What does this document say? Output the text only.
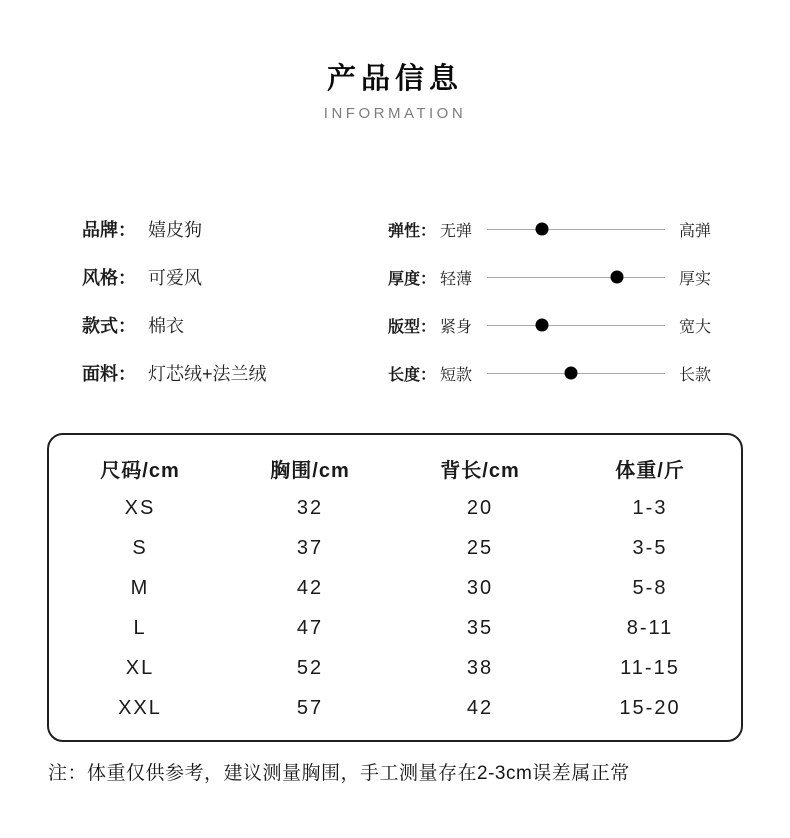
产品信息
INFORMATION
品牌： 嬉皮狗
风格： 可爱风
款式： 棉衣
面料： 灯芯绒+法兰绒
弹性： 无弹	高弹
厚度： 轻薄	厚实
版型： 紧身	宽大
长度： 短款	长款
尺码/cm	胸围/cm	背长/cm	体重/斤
XS	32	20	1-3
S	37	25	3-5
M	42	30	5-8
L	47	35	8-11
XL	52	38	11-15
XXL	57	42	15-20
注：体重仅供参考，建议测量胸围，手工测量存在2-3cm误差属正常
